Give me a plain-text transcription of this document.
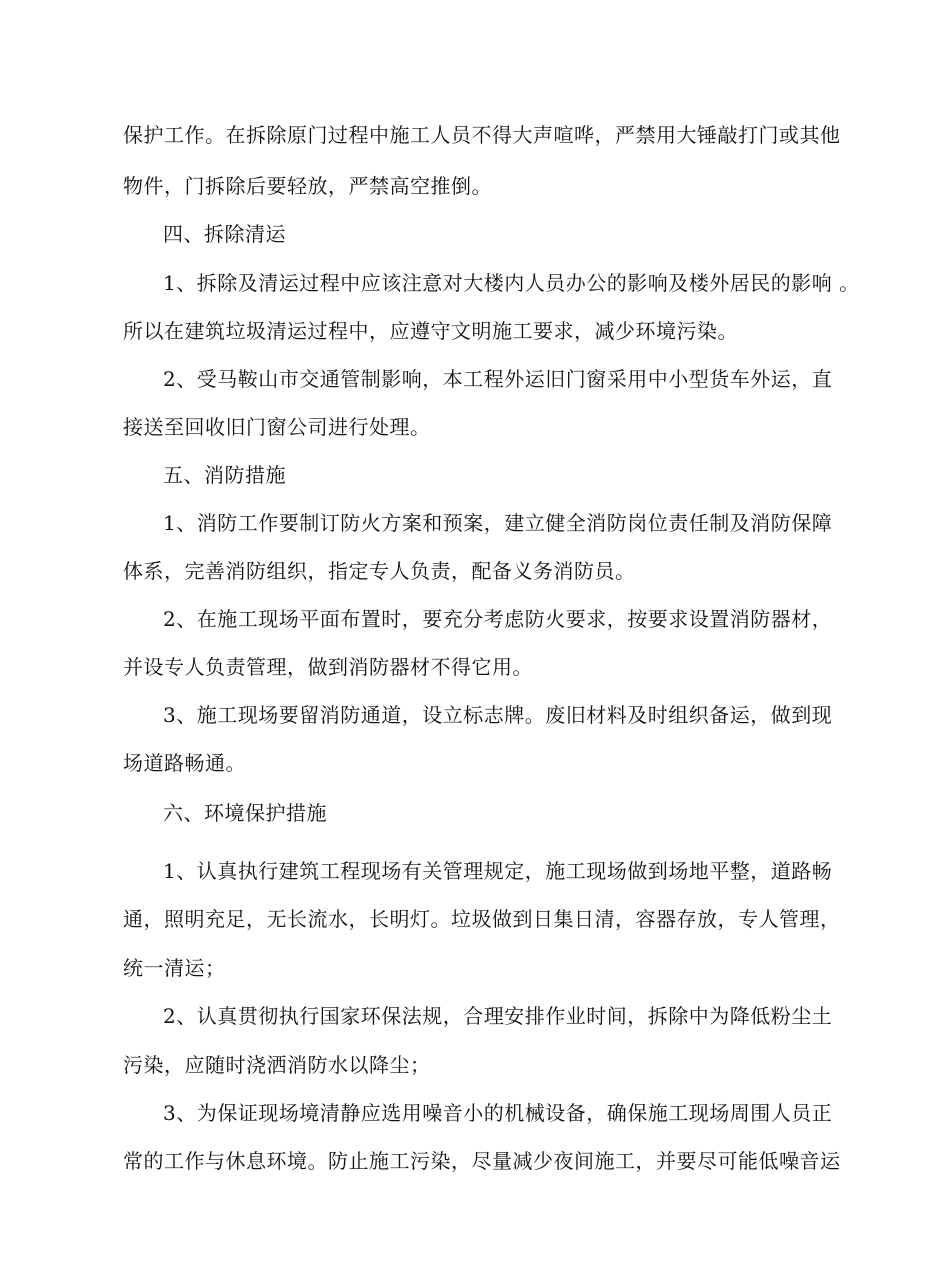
保护工作。在拆除原门过程中施工人员不得大声喧哗，严禁用大锤敲打门或其他
物件，门拆除后要轻放，严禁高空推倒。
四、拆除清运
1、拆除及清运过程中应该注意对大楼内人员办公的影响及楼外居民的影响 。
所以在建筑垃圾清运过程中，应遵守文明施工要求，减少环境污染。
2、受马鞍山市交通管制影响，本工程外运旧门窗采用中小型货车外运，直
接送至回收旧门窗公司进行处理。
五、消防措施
1、消防工作要制订防火方案和预案，建立健全消防岗位责任制及消防保障
体系，完善消防组织，指定专人负责，配备义务消防员。
2、在施工现场平面布置时，要充分考虑防火要求，按要求设置消防器材，
并设专人负责管理，做到消防器材不得它用。
3、施工现场要留消防通道，设立标志牌。废旧材料及时组织备运，做到现
场道路畅通。
六、环境保护措施
1、认真执行建筑工程现场有关管理规定，施工现场做到场地平整，道路畅
通，照明充足，无长流水，长明灯。垃圾做到日集日清，容器存放，专人管理，
统一清运；
2、认真贯彻执行国家环保法规，合理安排作业时间，拆除中为降低粉尘土
污染，应随时浇洒消防水以降尘；
3、为保证现场境清静应选用噪音小的机械设备，确保施工现场周围人员正
常的工作与休息环境。防止施工污染，尽量减少夜间施工，并要尽可能低噪音运
